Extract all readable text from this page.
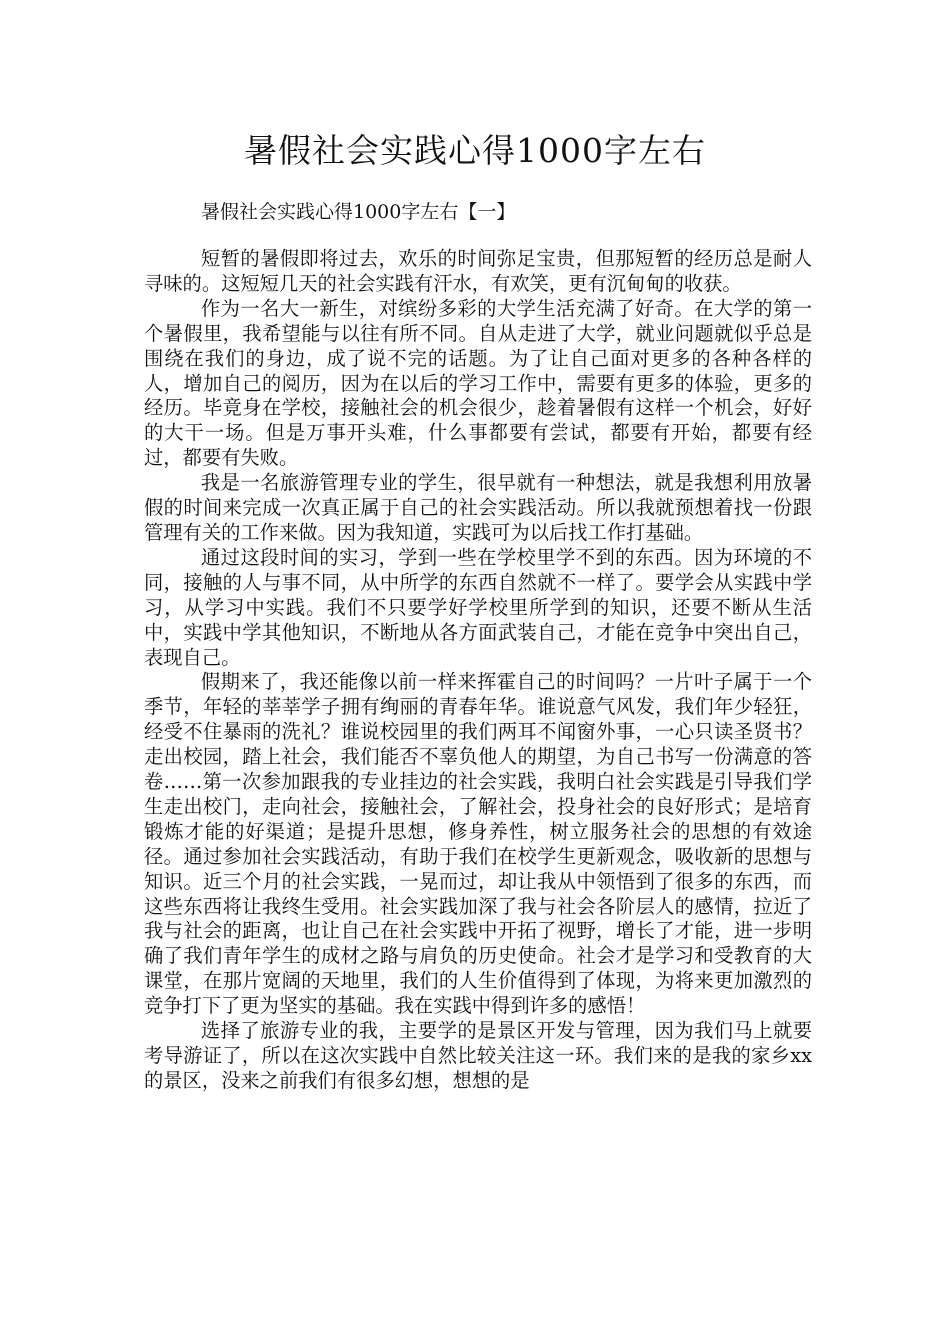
暑假社会实践心得1000字左右
暑假社会实践心得1000字左右【一】

短暂的暑假即将过去，欢乐的时间弥足宝贵，但那短暂的经历总是耐人寻味的。这短短几天的社会实践有汗水，有欢笑，更有沉甸甸的收获。

作为一名大一新生，对缤纷多彩的大学生活充满了好奇。在大学的第一个暑假里，我希望能与以往有所不同。自从走进了大学，就业问题就似乎总是围绕在我们的身边，成了说不完的话题。为了让自己面对更多的各种各样的人，增加自己的阅历，因为在以后的学习工作中，需要有更多的体验，更多的经历。毕竟身在学校，接触社会的机会很少，趁着暑假有这样一个机会，好好的大干一场。但是万事开头难，什么事都要有尝试，都要有开始，都要有经过，都要有失败。

我是一名旅游管理专业的学生，很早就有一种想法，就是我想利用放暑假的时间来完成一次真正属于自己的社会实践活动。所以我就预想着找一份跟管理有关的工作来做。因为我知道，实践可为以后找工作打基础。

通过这段时间的实习，学到一些在学校里学不到的东西。因为环境的不同，接触的人与事不同，从中所学的东西自然就不一样了。要学会从实践中学习，从学习中实践。我们不只要学好学校里所学到的知识，还要不断从生活中，实践中学其他知识，不断地从各方面武装自己，才能在竞争中突出自己，表现自己。

假期来了，我还能像以前一样来挥霍自己的时间吗？一片叶子属于一个季节，年轻的莘莘学子拥有绚丽的青春年华。谁说意气风发，我们年少轻狂，经受不住暴雨的洗礼？谁说校园里的我们两耳不闻窗外事，一心只读圣贤书？走出校园，踏上社会，我们能否不辜负他人的期望，为自己书写一份满意的答卷……第一次参加跟我的专业挂边的社会实践，我明白社会实践是引导我们学生走出校门，走向社会，接触社会，了解社会，投身社会的良好形式；是培育锻炼才能的好渠道；是提升思想，修身养性，树立服务社会的思想的有效途径。通过参加社会实践活动，有助于我们在校学生更新观念，吸收新的思想与知识。近三个月的社会实践，一晃而过，却让我从中领悟到了很多的东西，而这些东西将让我终生受用。社会实践加深了我与社会各阶层人的感情，拉近了我与社会的距离，也让自己在社会实践中开拓了视野，增长了才能，进一步明确了我们青年学生的成材之路与肩负的历史使命。社会才是学习和受教育的大课堂，在那片宽阔的天地里，我们的人生价值得到了体现，为将来更加激烈的竞争打下了更为坚实的基础。我在实践中得到许多的感悟！

选择了旅游专业的我，主要学的是景区开发与管理，因为我们马上就要考导游证了，所以在这次实践中自然比较关注这一环。我们来的是我的家乡xx的景区，没来之前我们有很多幻想，想想的是
